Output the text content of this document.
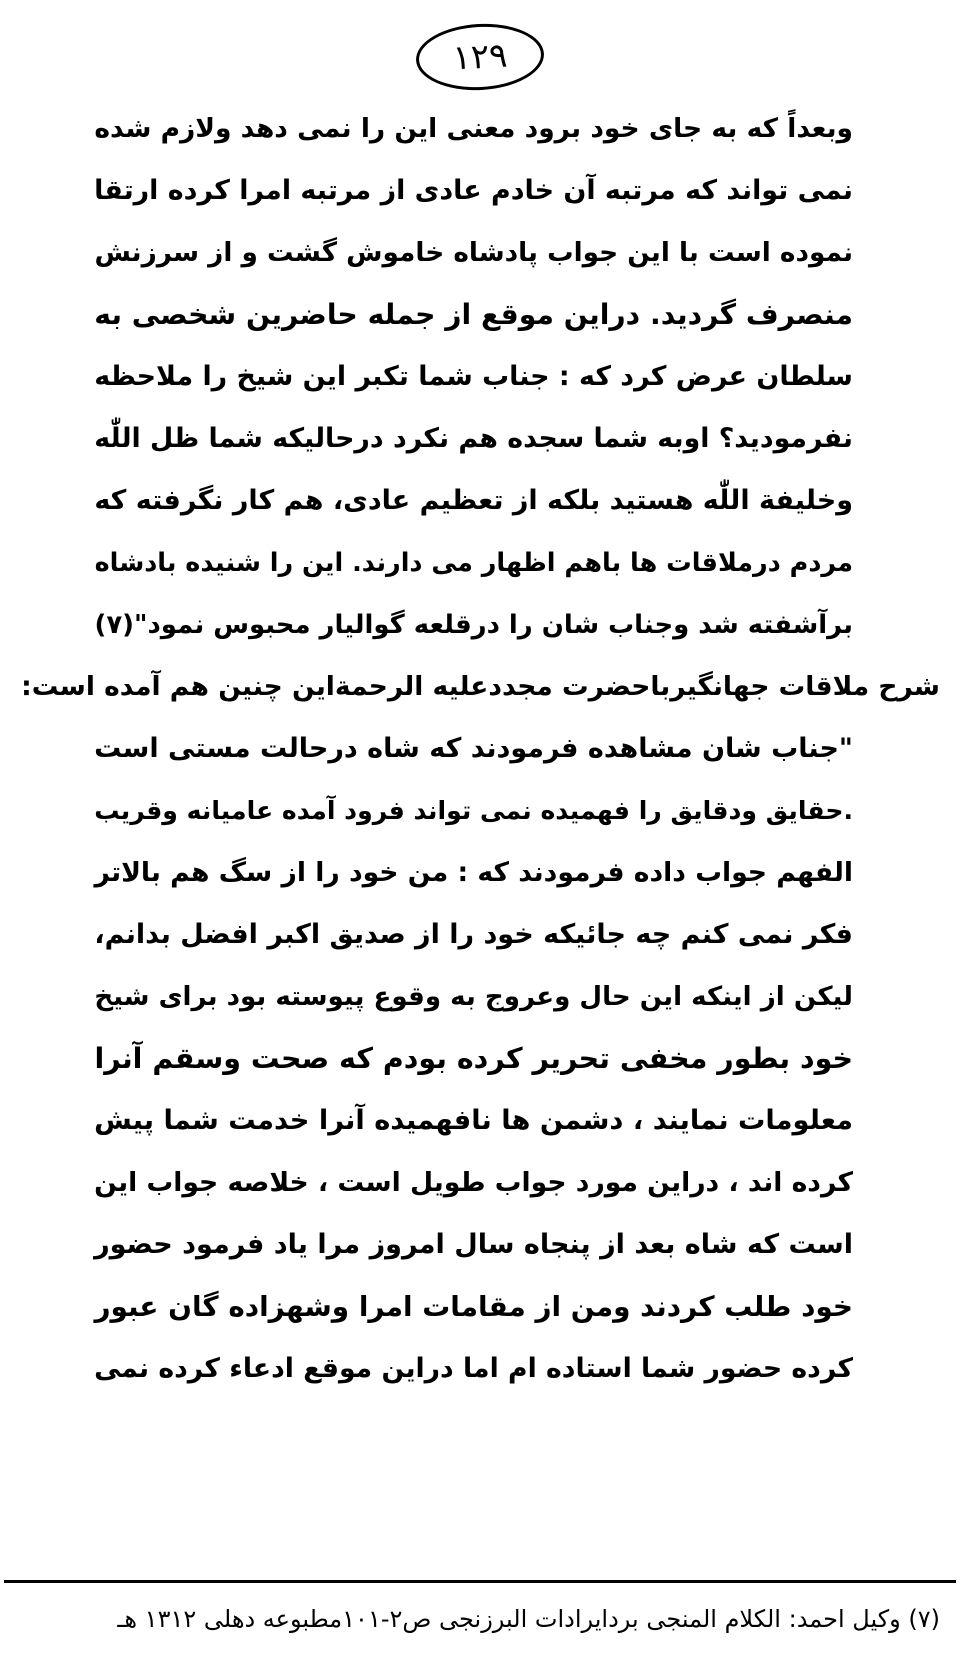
١٢٩
وبعداً که به جای خود برود معنی این را نمی دهد ولازم شده
نمی تواند که مرتبه آن خادم عادی از مرتبه امرا کرده ارتقا
نموده است با این جواب پادشاه خاموش گشت و از سرزنش
منصرف گردید. دراین موقع از جمله حاضرین شخصی به
سلطان عرض کرد که : جناب شما تکبر این شیخ را ملاحظه
نفرمودید؟ اوبه شما سجده هم نکرد درحالیکه شما ظل اللّٰه
وخلیفة اللّٰه هستید بلکه از تعظیم عادی، هم کار نگرفته که
مردم درملاقات ها باهم اظهار می دارند. این را شنیده بادشاه
برآشفته شد وجناب شان را درقلعه گوالیار محبوس نمود"(٧)
شرح ملاقات جهانگیرباحضرت مجددعلیه الرحمةاین چنین هم آمده است:
"جناب شان مشاهده فرمودند که شاه درحالت مستی است
.حقایق ودقایق را فهمیده نمی تواند فرود آمده عامیانه وقریب
الفهم جواب داده فرمودند که : من خود را از سگ هم بالاتر
فکر نمی کنم چه جائیکه خود را از صدیق اکبر افضل بدانم،
لیکن از اینکه این حال وعروج به وقوع پیوسته بود برای شیخ
خود بطور مخفی تحریر کرده بودم که صحت وسقم آنرا
معلومات نمایند ، دشمن ها نافهمیده آنرا خدمت شما پیش
کرده اند ، دراین مورد جواب طویل است ، خلاصه جواب این
است که شاه بعد از پنجاه سال امروز مرا یاد فرمود حضور
خود طلب کردند ومن از مقامات امرا وشهزاده گان عبور
کرده حضور شما استاده ام اما دراین موقع ادعاء کرده نمی
(٧) وکیل احمد: الکلام المنجی بردایرادات البرزنجی ص٢-١٠١مطبوعه دهلی ١٣١٢ هـ
